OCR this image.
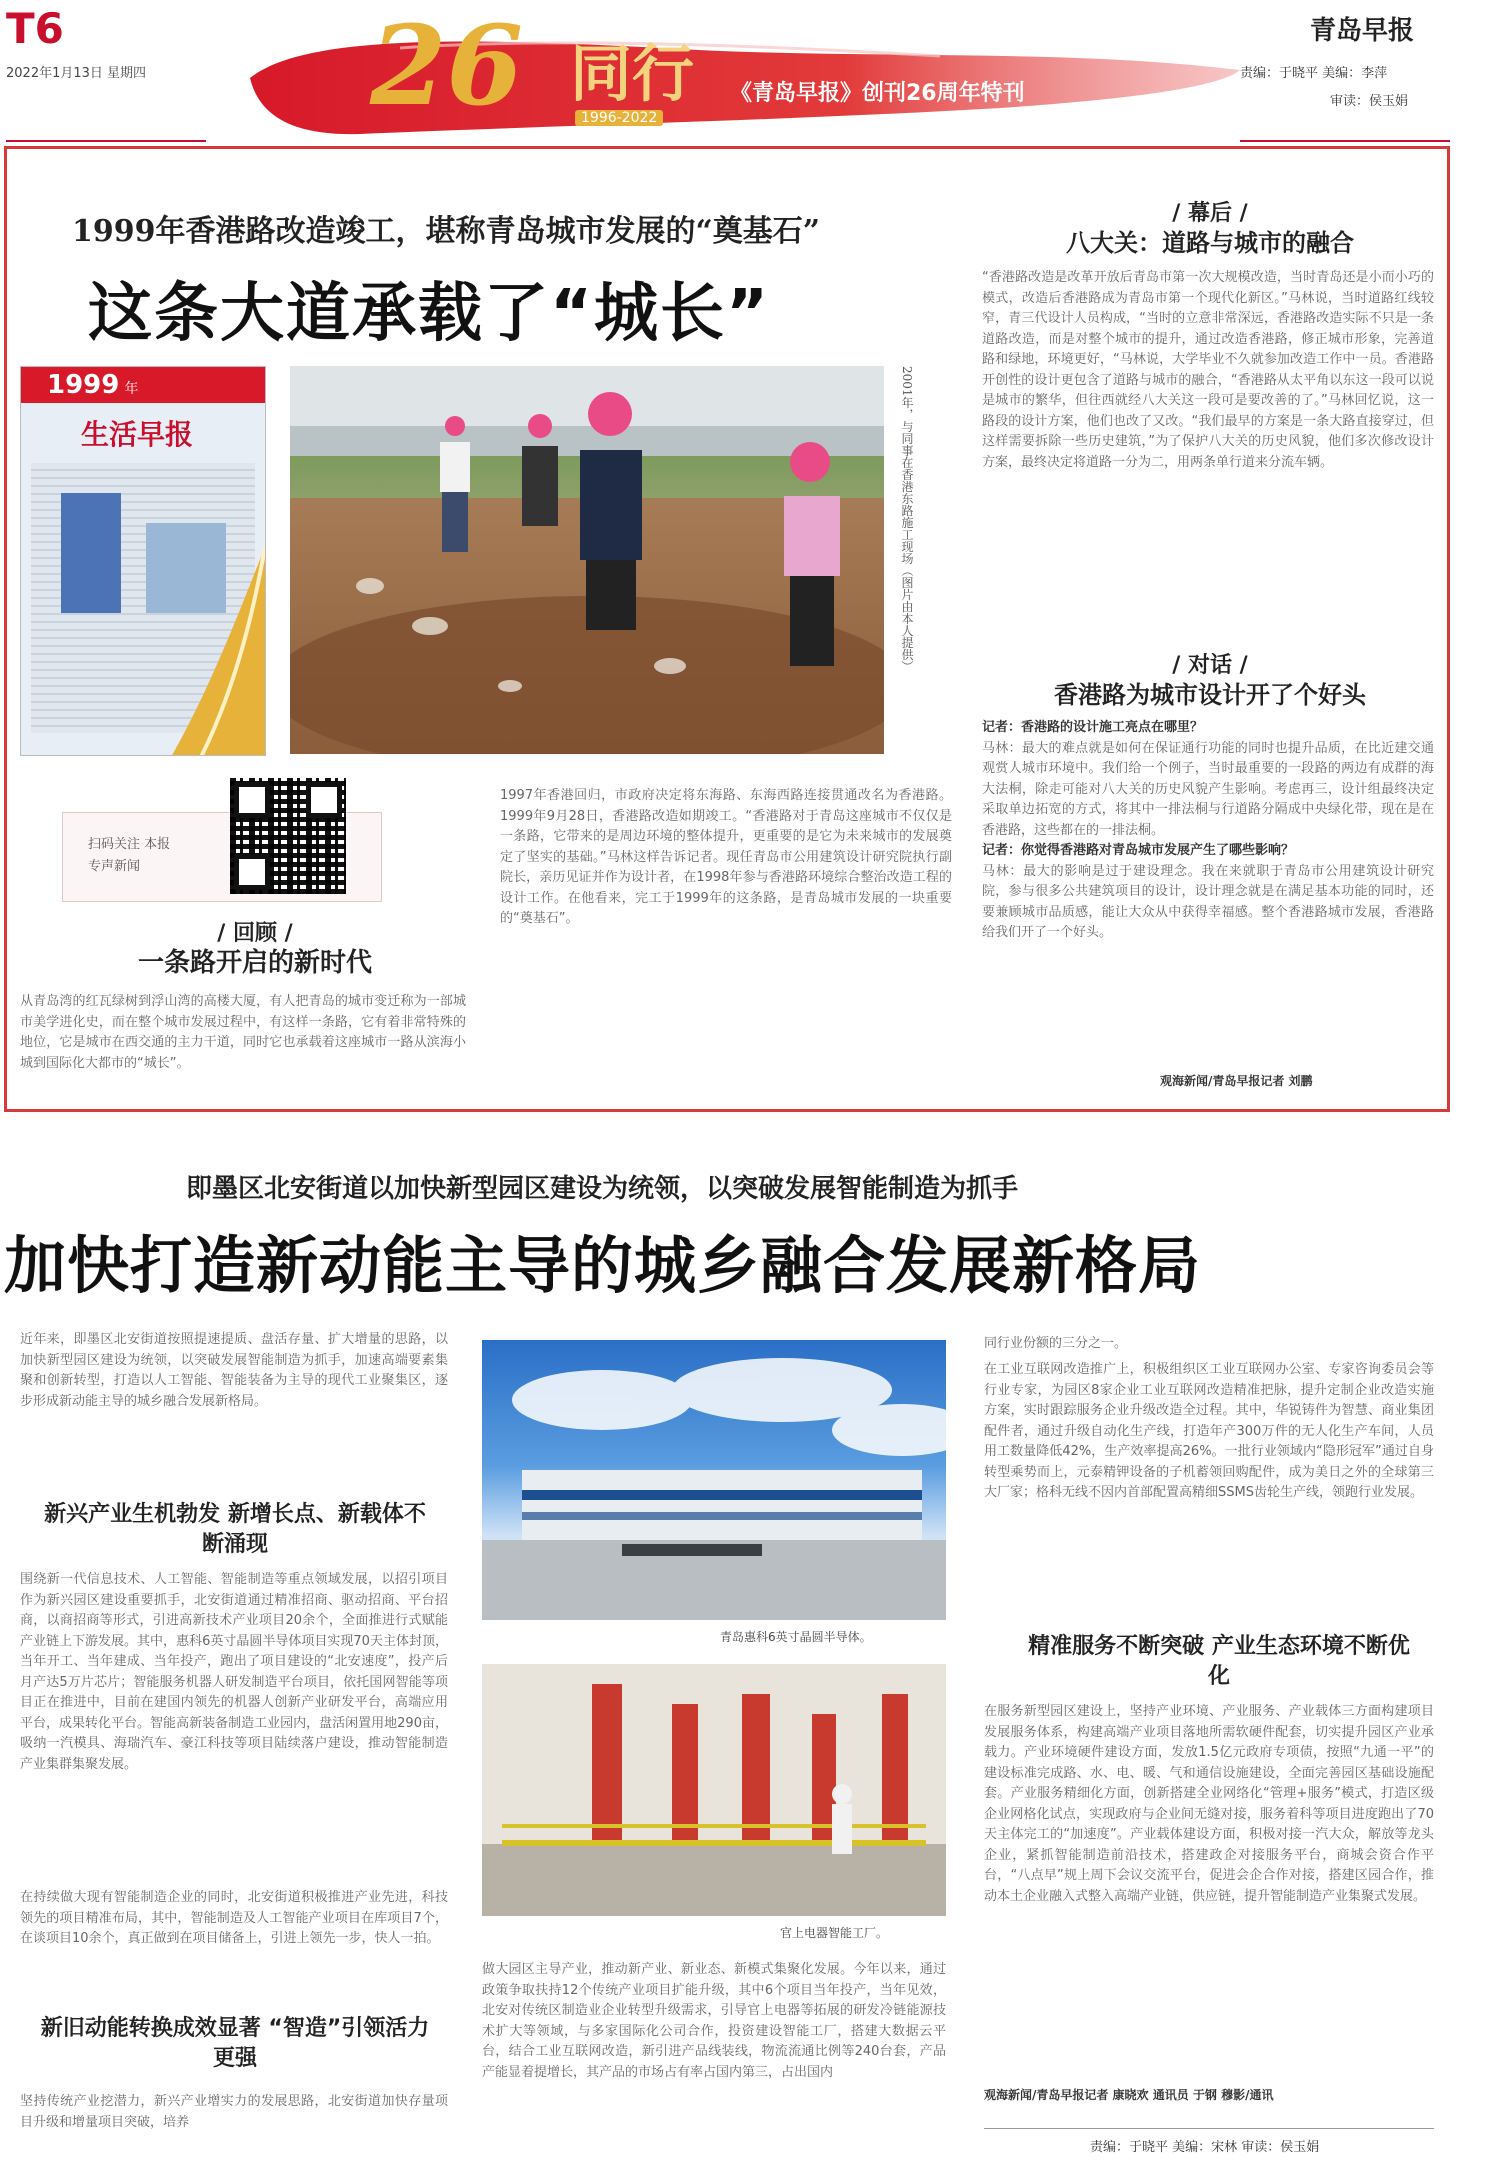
T6
2022年1月13日 星期四 26 同行
1996-2022
《青岛早报》创刊26周年特刊
青岛早报
责编：于晓平 美编：李萍
审读：侯玉娟
1999年香港路改造竣工，堪称青岛城市发展的“奠基石”
这条大道承载了“城长”
1999 年
生活早报
	2001年，与同事在香港东路施工现场（图片由本人提供）
扫码关注 本报专声新闻
/ 回顾 /
一条路开启的新时代
从青岛湾的红瓦绿树到浮山湾的高楼大厦，有人把青岛的城市变迁称为一部城市美学进化史，而在整个城市发展过程中，有这样一条路，它有着非常特殊的地位，它是城市在西交通的主力干道，同时它也承载着这座城市一路从滨海小城到国际化大都市的“城长”。
1997年香港回归，市政府决定将东海路、东海西路连接贯通改名为香港路。1999年9月28日，香港路改造如期竣工。“香港路对于青岛这座城市不仅仅是一条路，它带来的是周边环境的整体提升，更重要的是它为未来城市的发展奠定了坚实的基础。”马林这样告诉记者。现任青岛市公用建筑设计研究院执行副院长，亲历见证并作为设计者，在1998年参与香港路环境综合整治改造工程的设计工作。在他看来，完工于1999年的这条路，是青岛城市发展的一块重要的“奠基石”。
/ 幕后 /
八大关：道路与城市的融合
“香港路改造是改革开放后青岛市第一次大规模改造，当时青岛还是小而小巧的模式，改造后香港路成为青岛市第一个现代化新区。”马林说，当时道路红线较窄，青三代设计人员构成，“当时的立意非常深远，香港路改造实际不只是一条道路改造，而是对整个城市的提升，通过改造香港路，修正城市形象，完善道路和绿地，环境更好，“马林说，大学毕业不久就参加改造工作中一员。香港路开创性的设计更包含了道路与城市的融合，“香港路从太平角以东这一段可以说是城市的繁华，但往西就经八大关这一段可是要改善的了。”马林回忆说，这一路段的设计方案，他们也改了又改。“我们最早的方案是一条大路直接穿过，但这样需要拆除一些历史建筑，”为了保护八大关的历史风貌，他们多次修改设计方案，最终决定将道路一分为二，用两条单行道来分流车辆。
/ 对话 /
香港路为城市设计开了个好头
记者：香港路的设计施工亮点在哪里？
马林：最大的难点就是如何在保证通行功能的同时也提升品质，在比近建交通观赏人城市环境中。我们给一个例子，当时最重要的一段路的两边有成群的海大法桐，除走可能对八大关的历史风貌产生影响。考虑再三，设计组最终决定采取单边拓宽的方式，将其中一排法桐与行道路分隔成中央绿化带，现在是在香港路，这些都在的一排法桐。
记者：你觉得香港路对青岛城市发展产生了哪些影响？
马林：最大的影响是过于建设理念。我在来就职于青岛市公用建筑设计研究院，参与很多公共建筑项目的设计，设计理念就是在满足基本功能的同时，还要兼顾城市品质感，能让大众从中获得幸福感。整个香港路城市发展，香港路给我们开了一个好头。
观海新闻/青岛早报记者 刘鹏
即墨区北安街道以加快新型园区建设为统领，以突破发展智能制造为抓手
加快打造新动能主导的城乡融合发展新格局
近年来，即墨区北安街道按照提速提质、盘活存量、扩大增量的思路，以加快新型园区建设为统领，以突破发展智能制造为抓手，加速高端要素集聚和创新转型，打造以人工智能、智能装备为主导的现代工业聚集区，逐步形成新动能主导的城乡融合发展新格局。
新兴产业生机勃发 新增长点、新载体不断涌现
围绕新一代信息技术、人工智能、智能制造等重点领域发展，以招引项目作为新兴园区建设重要抓手，北安街道通过精准招商、驱动招商、平台招商，以商招商等形式，引进高新技术产业项目20余个，全面推进行式赋能产业链上下游发展。其中，惠科6英寸晶圆半导体项目实现70天主体封顶，当年开工、当年建成、当年投产，跑出了项目建设的“北安速度”，投产后月产达5万片芯片；智能服务机器人研发制造平台项目，依托国网智能等项目正在推进中，目前在建国内领先的机器人创新产业研发平台，高端应用平台，成果转化平台。智能高新装备制造工业园内，盘活闲置用地290亩，吸纳一汽模具、海瑞汽车、豪江科技等项目陆续落户建设，推动智能制造产业集群集聚发展。
在持续做大现有智能制造企业的同时，北安街道积极推进产业先进，科技领先的项目精准布局，其中，智能制造及人工智能产业项目在库项目7个，在谈项目10余个，真正做到在项目储备上，引进上领先一步，快人一拍。
新旧动能转换成效显著 “智造”引领活力更强
坚持传统产业挖潜力，新兴产业增实力的发展思路，北安街道加快存量项目升级和增量项目突破，培养
青岛惠科6英寸晶圆半导体。
官上电器智能工厂。
做大园区主导产业，推动新产业、新业态、新模式集聚化发展。今年以来，通过政策争取扶持12个传统产业项目扩能升级，其中6个项目当年投产，当年见效，北安对传统区制造业企业转型升级需求，引导官上电器等拓展的研发冷链能源技术扩大等领域，与多家国际化公司合作，投资建设智能工厂，搭建大数据云平台，结合工业互联网改造，新引进产品线装线，物流流通比例等240台套，产品产能显着提增长，其产品的市场占有率占国内第三，占出国内
同行业份额的三分之一。
在工业互联网改造推广上，积极组织区工业互联网办公室、专家咨询委员会等行业专家，为园区8家企业工业互联网改造精准把脉，提升定制企业改造实施方案，实时跟踪服务企业升级改造全过程。其中，华锐铸件为智慧、商业集团配件者，通过升级自动化生产线，打造年产300万件的无人化生产车间，人员用工数量降低42%，生产效率提高26%。一批行业领域内“隐形冠军”通过自身转型乘势而上，元泰精钾设备的子机蓄领回购配件，成为美日之外的全球第三大厂家；格科无线不因内首部配置高精细SSMS齿轮生产线，领跑行业发展。
精准服务不断突破 产业生态环境不断优化
在服务新型园区建设上，坚持产业环境、产业服务、产业载体三方面构建项目发展服务体系，构建高端产业项目落地所需软硬件配套，切实提升园区产业承载力。产业环境硬件建设方面，发放1.5亿元政府专项债，按照“九通一平”的建设标准完成路、水、电、暖、气和通信设施建设，全面完善园区基础设施配套。产业服务精细化方面，创新搭建全业网络化“管理+服务”模式，打造区级企业网格化试点，实现政府与企业间无缝对接，服务着科等项目进度跑出了70天主体完工的“加速度”。产业载体建设方面，积极对接一汽大众，解放等龙头企业，紧抓智能制造前沿技术，搭建政企对接服务平台，商城会资合作平台，“八点早”规上周下会议交流平台，促进会企合作对接，搭建区园合作，推动本土企业融入式整入高端产业链，供应链，提升智能制造产业集聚式发展。
观海新闻/青岛早报记者 康晓欢 通讯员 于钢 穆影/通讯
责编：于晓平 美编：宋林 审读：侯玉娟
